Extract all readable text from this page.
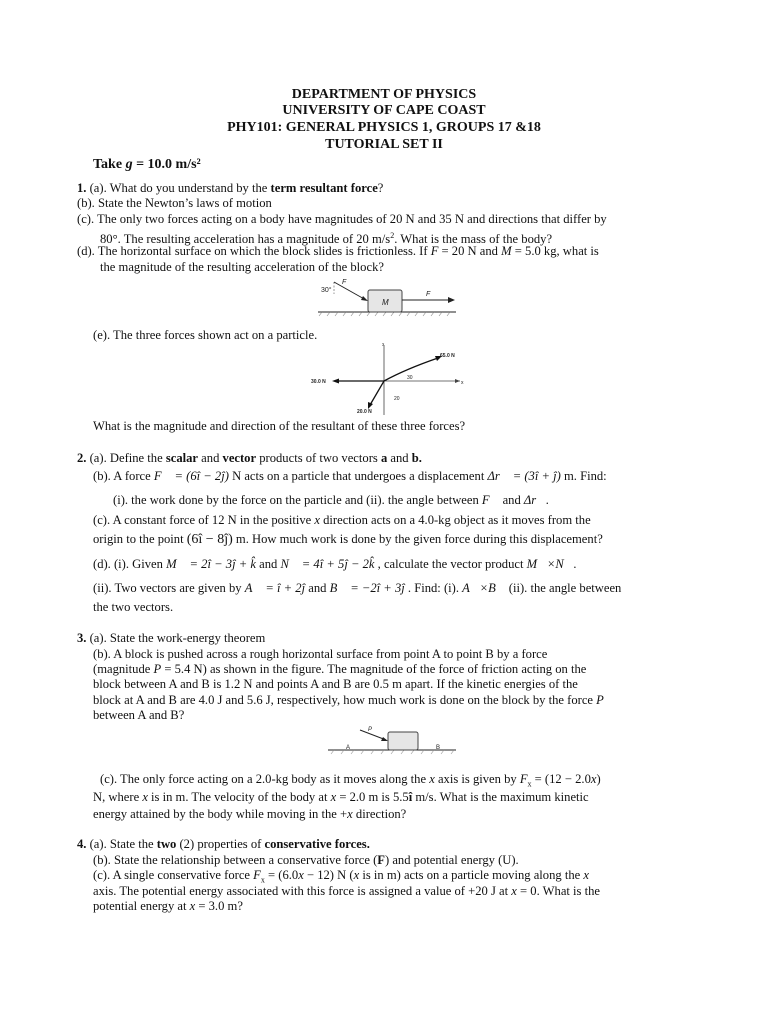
DEPARTMENT OF PHYSICS
UNIVERSITY OF CAPE COAST
PHY101: GENERAL PHYSICS 1, GROUPS 17 &18
TUTORIAL SET II
Take g = 10.0 m/s²
1. (a). What do you understand by the term resultant force?
(b). State the Newton’s laws of motion
(c). The only two forces acting on a body have magnitudes of 20 N and 35 N and directions that differ by
80°. The resulting acceleration has a magnitude of 20 $m/s^2$. What is the mass of the body?
(d). The horizontal surface on which the block slides is frictionless. If F = 20 N and M = 5.0 kg, what is
the magnitude of the resulting acceleration of the block?
M
30°
F
F
(e). The three forces shown act on a particle.
y
x
30.0 N
65.0 N
20.0 N
30
20
What is the magnitude and direction of the resultant of these three forces?
2. (a). Define the scalar and vector products of two vectors a and b.
(b). A force F⃗ = (6î − 2ĵ) N acts on a particle that undergoes a displacement Δr⃗ = (3î + ĵ) m. Find:
(i). the work done by the force on the particle and (ii). the angle between F⃗ and Δr⃗.
(c). A constant force of 12 N in the positive x direction acts on a 4.0-kg object as it moves from the
origin to the point (6î − 8ĵ) m. How much work is done by the given force during this displacement?
(d). (i). Given M⃗ = 2î − 3ĵ + k̂ and N⃗ = 4î + 5ĵ − 2k̂ , calculate the vector product M⃗×N⃗.
(ii). Two vectors are given by A⃗ = î + 2ĵ and B⃗ = −2î + 3ĵ . Find: (i). A⃗×B⃗ (ii). the angle between
the two vectors.
3. (a). State the work-energy theorem
(b). A block is pushed across a rough horizontal surface from point A to point B by a force
(magnitude P = 5.4 N) as shown in the figure. The magnitude of the force of friction acting on the
block between A and B is 1.2 N and points A and B are 0.5 m apart. If the kinetic energies of the
block at A and B are 4.0 J and 5.6 J, respectively, how much work is done on the block by the force P
between A and B?
P
A	B
(c). The only force acting on a 2.0-kg body as it moves along the x axis is given by $F_x = (12 - 2.0x)$
N, where x is in m. The velocity of the body at x = 2.0 m is 5.5î m/s. What is the maximum kinetic
energy attained by the body while moving in the +x direction?
4. (a). State the two (2) properties of conservative forces.
(b). State the relationship between a conservative force (F) and potential energy (U).
(c). A single conservative force $F_x = (6.0x - 12)$ N (x is in m) acts on a particle moving along the x
axis. The potential energy associated with this force is assigned a value of +20 J at x = 0. What is the
potential energy at x = 3.0 m?
